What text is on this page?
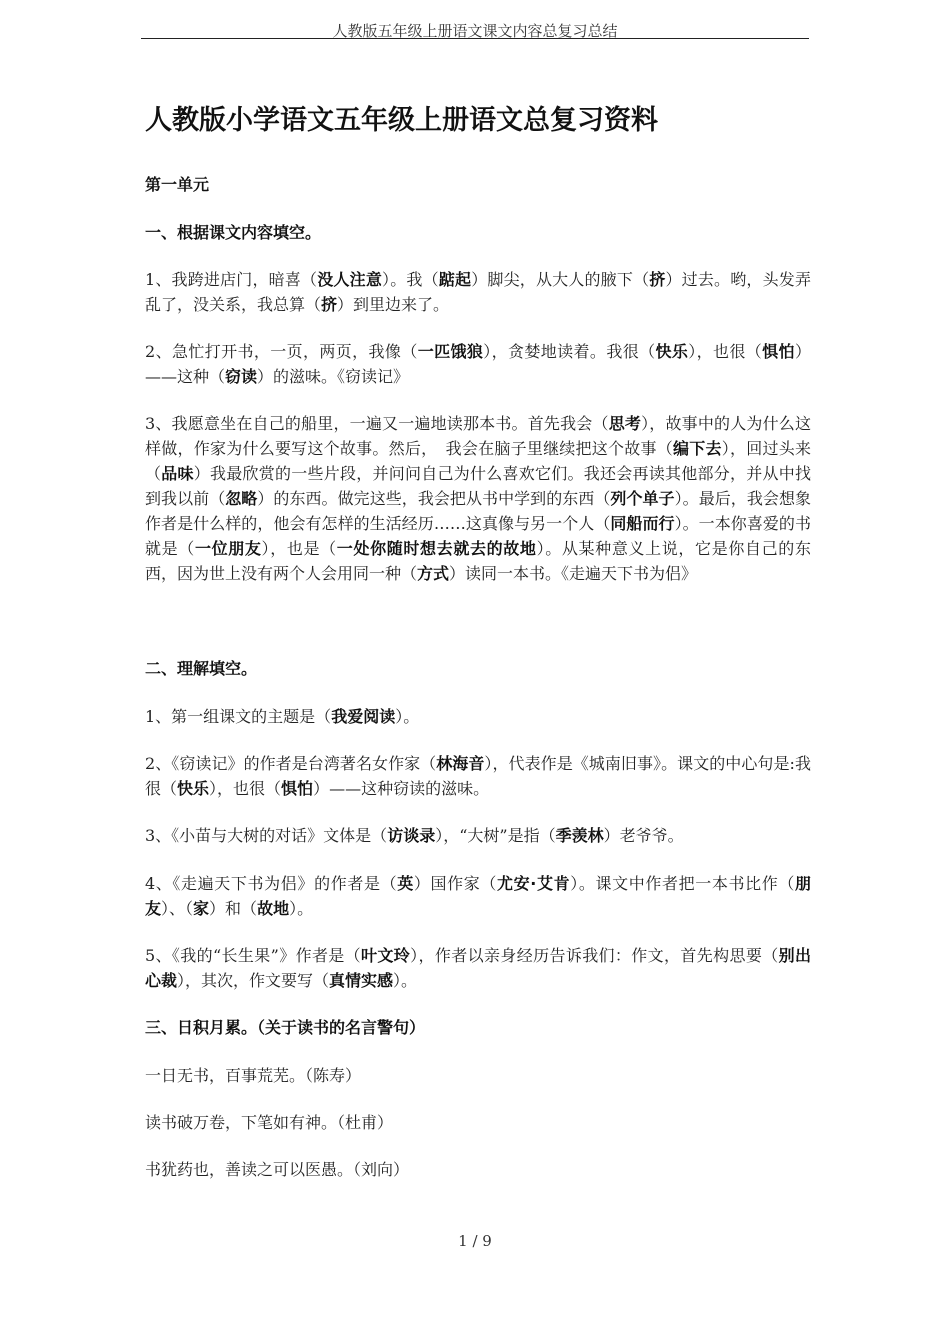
人教版五年级上册语文课文内容总复习总结
人教版小学语文五年级上册语文总复习资料
第一单元
一、根据课文内容填空。
1、我跨进店门，暗喜（没人注意）。我（踮起）脚尖，从大人的腋下（挤）过去。哟，头发弄乱了，没关系，我总算（挤）到里边来了。
2、急忙打开书，一页，两页，我像（一匹饿狼），贪婪地读着。我很（快乐），也很（惧怕）——这种（窃读）的滋味。《窃读记》
3、我愿意坐在自己的船里，一遍又一遍地读那本书。首先我会（思考），故事中的人为什么这样做，作家为什么要写这个故事。然后，　我会在脑子里继续把这个故事（编下去），回过头来（品味）我最欣赏的一些片段，并问问自己为什么喜欢它们。我还会再读其他部分，并从中找到我以前（忽略）的东西。做完这些，我会把从书中学到的东西（列个单子）。最后，我会想象作者是什么样的，他会有怎样的生活经历……这真像与另一个人（同船而行）。一本你喜爱的书就是（一位朋友），也是（一处你随时想去就去的故地）。从某种意义上说，它是你自己的东西，因为世上没有两个人会用同一种（方式）读同一本书。《走遍天下书为侣》
二、理解填空。
1、第一组课文的主题是（我爱阅读）。
2、《窃读记》的作者是台湾著名女作家（林海音），代表作是《城南旧事》。课文的中心句是:我很（快乐），也很（惧怕）——这种窃读的滋味。
3、《小苗与大树的对话》文体是（访谈录），“大树”是指（季羡林）老爷爷。
4、《走遍天下书为侣》的作者是（英）国作家（尤安·艾肯）。课文中作者把一本书比作（朋友）、（家）和（故地）。
5、《我的“长生果”》作者是（叶文玲），作者以亲身经历告诉我们：作文，首先构思要（别出心裁），其次，作文要写（真情实感）。
三、日积月累。（关于读书的名言警句）
一日无书，百事荒芜。（陈寿）
读书破万卷，下笔如有神。（杜甫）
书犹药也，善读之可以医愚。（刘向）
1 / 9
